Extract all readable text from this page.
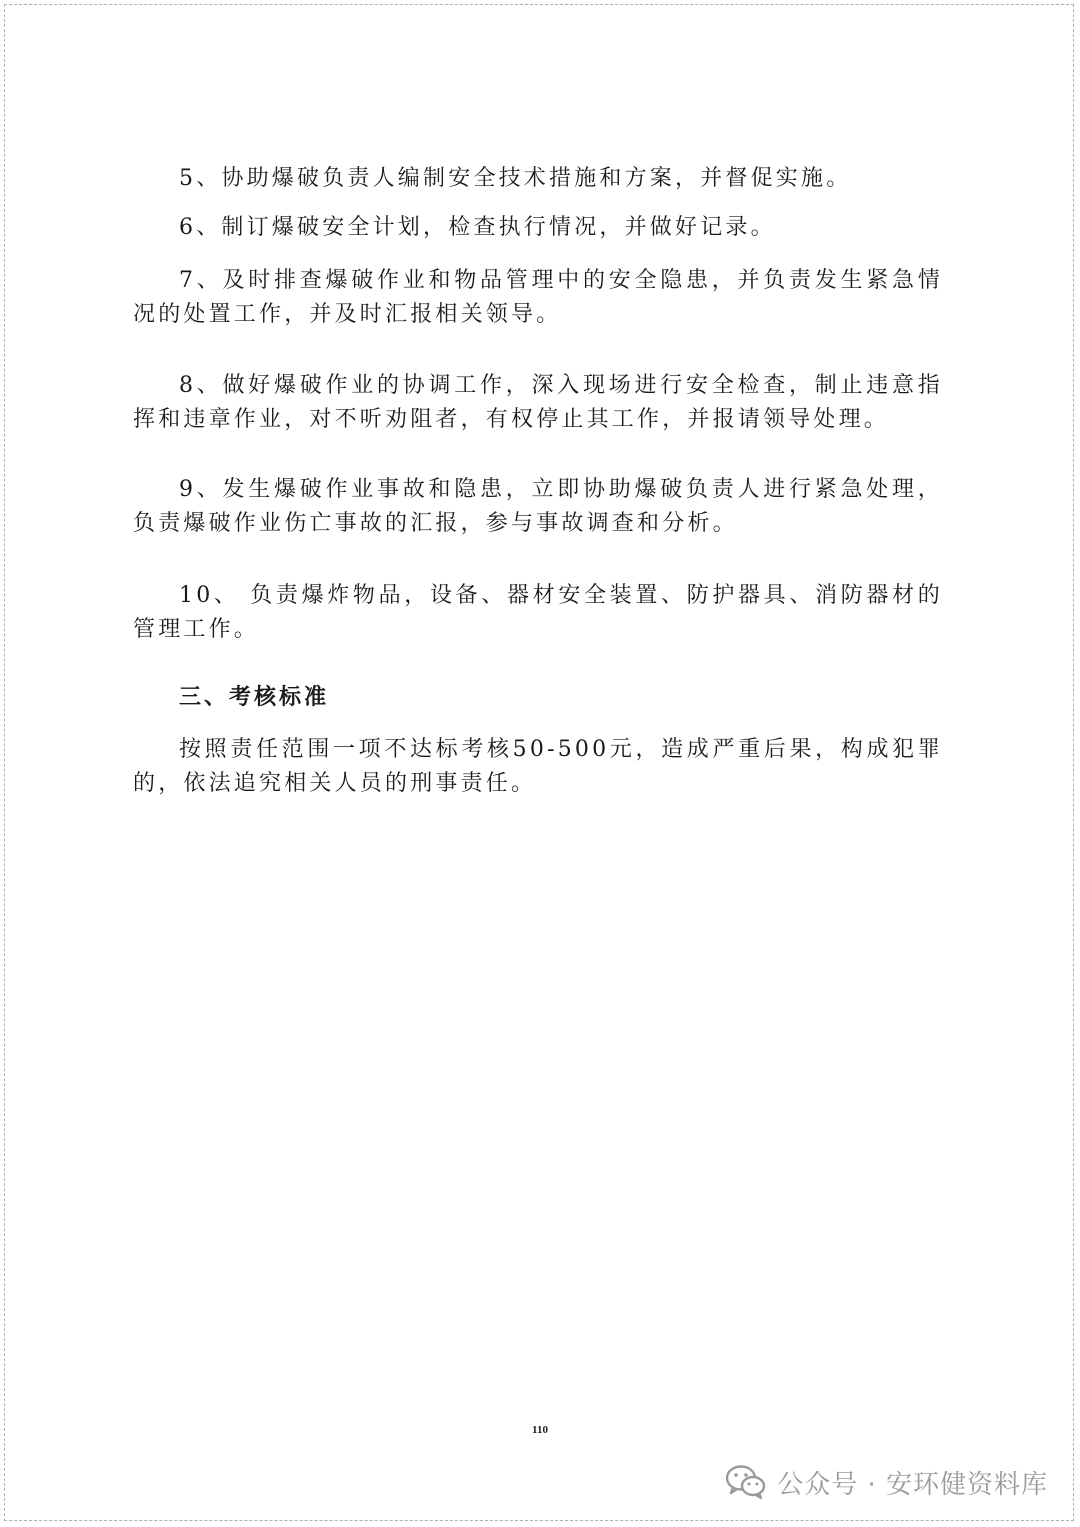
5、协助爆破负责人编制安全技术措施和方案，并督促实施。

6、制订爆破安全计划，检查执行情况，并做好记录。

7、及时排查爆破作业和物品管理中的安全隐患，并负责发生紧急情况的处置工作，并及时汇报相关领导。

8、做好爆破作业的协调工作，深入现场进行安全检查，制止违意指挥和违章作业，对不听劝阻者，有权停止其工作，并报请领导处理。

9、发生爆破作业事故和隐患，立即协助爆破负责人进行紧急处理， 负责爆破作业伤亡事故的汇报，参与事故调查和分析。

10、 负责爆炸物品，设备、器材安全装置、防护器具、消防器材的管理工作。

三、考核标准

按照责任范围一项不达标考核50-500元，造成严重后果，构成犯罪的，依法追究相关人员的刑事责任。

110
公众号 · 安环健资料库
